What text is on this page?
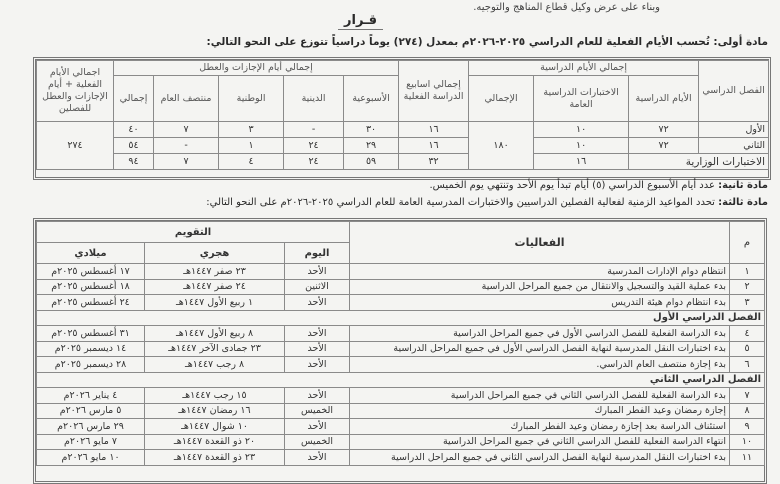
وبناء على عرض وكيل قطاع المناهج والتوجيه.
قـرار
مادة أولى: تُحسب الأيام الفعلية للعام الدراسي ٢٠٢٥-٢٠٢٦م بمعدل (٢٧٤) يوماً دراسياً تتوزع على النحو التالي:
الفصل الدراسي	إجمالي الأيام الدراسية			إجمالي اسابيع الدراسة الفعلية	إجمالي أيام الإجازات والعطل					اجمالي الأيام الفعلية + أيام الإجازات والعطل للفصلين
	الأيام الدراسية	الاختبارات الدراسية العامة	الإجمالي		الأسبوعية	الدينية	الوطنية	منتصف العام	إجمالي	
الأول	٧٢	١٠	١٨٠	١٦	٣٠	-	٣	٧	٤٠	٢٧٤
الثاني	٧٢	١٠		١٦	٢٩	٢٤	١	-	٥٤	
الاختبارات الوزارية		١٦		٣٢	٥٩	٢٤	٤	٧	٩٤	
مادة ثانية: عدد أيام الأسبوع الدراسي (٥) أيام تبدأ يوم الأحد وتنتهي يوم الخميس.
مادة ثالثة: تحدد المواعيد الزمنية لفعالية الفصلين الدراسيين والاختبارات المدرسية العامة للعام الدراسي ٢٠٢٥-٢٠٢٦م على النحو التالي:
م	الفعاليات	التقويم		
		اليوم	هجري	ميلادي
١	انتظام دوام الإدارات المدرسية	الأحد	٢٣ صفر ١٤٤٧هـ	١٧ أغسطس ٢٠٢٥م
٢	بدء عملية القيد والتسجيل والانتقال من جميع المراحل الدراسية	الاثنين	٢٤ صفر ١٤٤٧هـ	١٨ أغسطس ٢٠٢٥م
٣	بدء انتظام دوام هيئة التدريس	الأحد	١ ربيع الأول ١٤٤٧هـ	٢٤ أغسطس ٢٠٢٥م
الفصل الدراسي الأول				
٤	بدء الدراسة الفعلية للفصل الدراسي الأول في جميع المراحل الدراسية	الأحد	٨ ربيع الأول ١٤٤٧هـ	٣١ أغسطس ٢٠٢٥م
٥	بدء اختبارات النقل المدرسية لنهاية الفصل الدراسي الأول في جميع المراحل الدراسية	الأحد	٢٣ جمادى الآخر ١٤٤٧هـ	١٤ ديسمبر ٢٠٢٥م
٦	بدء إجازة منتصف العام الدراسي.	الأحد	٨ رجب ١٤٤٧هـ	٢٨ ديسمبر ٢٠٢٥م
الفصل الدراسي الثاني				
٧	بدء الدراسة الفعلية للفصل الدراسي الثاني في جميع المراحل الدراسية	الأحد	١٥ رجب ١٤٤٧هـ	٤ يناير ٢٠٢٦م
٨	إجازة رمضان وعيد الفطر المبارك	الخميس	١٦ رمضان ١٤٤٧هـ	٥ مارس ٢٠٢٦م
٩	استئناف الدراسة بعد إجازة رمضان وعيد الفطر المبارك	الأحد	١٠ شوال ١٤٤٧هـ	٢٩ مارس ٢٠٢٦م
١٠	انتهاء الدراسة الفعلية للفصل الدراسي الثاني في جميع المراحل الدراسية	الخميس	٢٠ ذو القعدة ١٤٤٧هـ	٧ مايو ٢٠٢٦م
١١	بدء اختبارات النقل المدرسية لنهاية الفصل الدراسي الثاني في جميع المراحل الدراسية	الأحد	٢٣ ذو القعدة ١٤٤٧هـ	١٠ مايو ٢٠٢٦م
